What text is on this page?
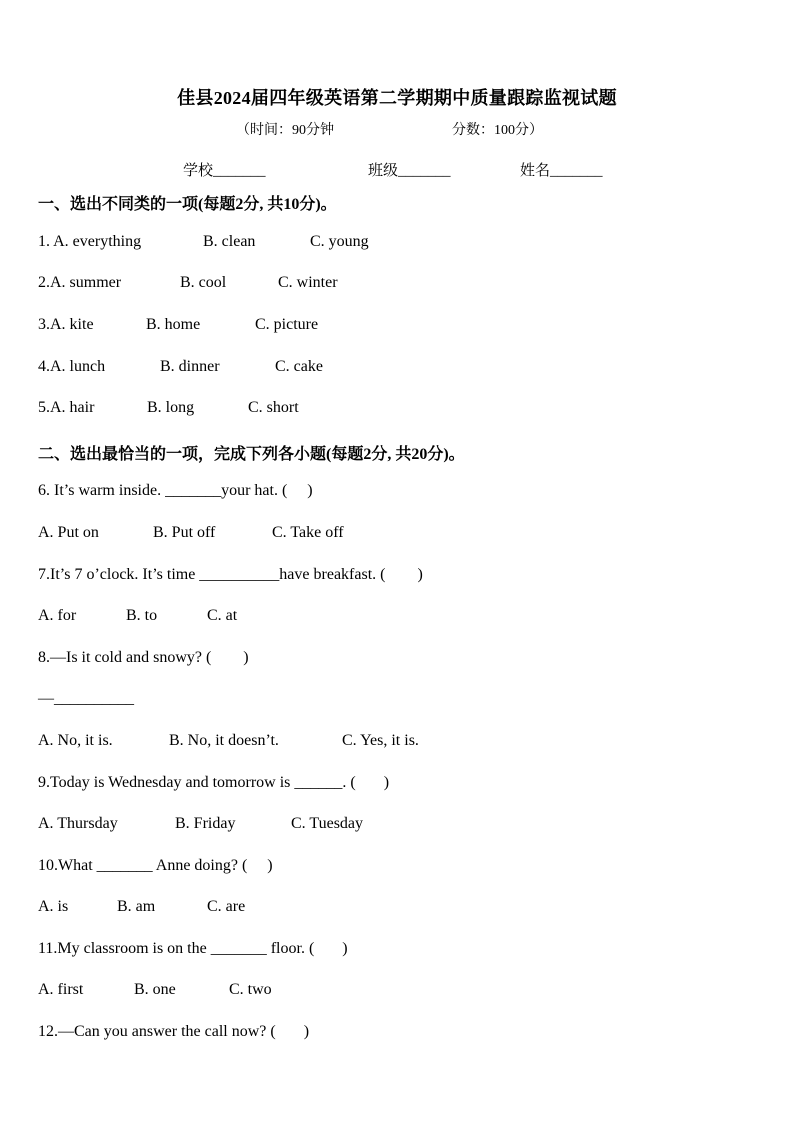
佳县2024届四年级英语第二学期期中质量跟踪监视试题
（时间：90分钟	分数：100分）
学校_______	班级_______	姓名_______
一、选出不同类的一项(每题2分, 共10分)。
1. A. everything	B. clean	C. young
2.A. summer	B. cool	C. winter
3.A. kite	B. home	C. picture
4.A. lunch	B. dinner	C. cake
5.A. hair	B. long	C. short
二、选出最恰当的一项，完成下列各小题(每题2分, 共20分)。
6. It’s warm inside. _______your hat. (     )
A. Put on	B. Put off	C. Take off
7.It’s 7 o’clock. It’s time __________have breakfast. (        )
A. for	B. to	C. at
8.—Is it cold and snowy? (        )
—__________
A. No, it is.	B. No, it doesn’t.	C. Yes, it is.
9.Today is Wednesday and tomorrow is ______. (       )
A. Thursday	B. Friday	C. Tuesday
10.What _______ Anne doing? (     )
A. is	B. am	C. are
11.My classroom is on the _______ floor. (       )
A. first	B. one	C. two
12.—Can you answer the call now? (       )
